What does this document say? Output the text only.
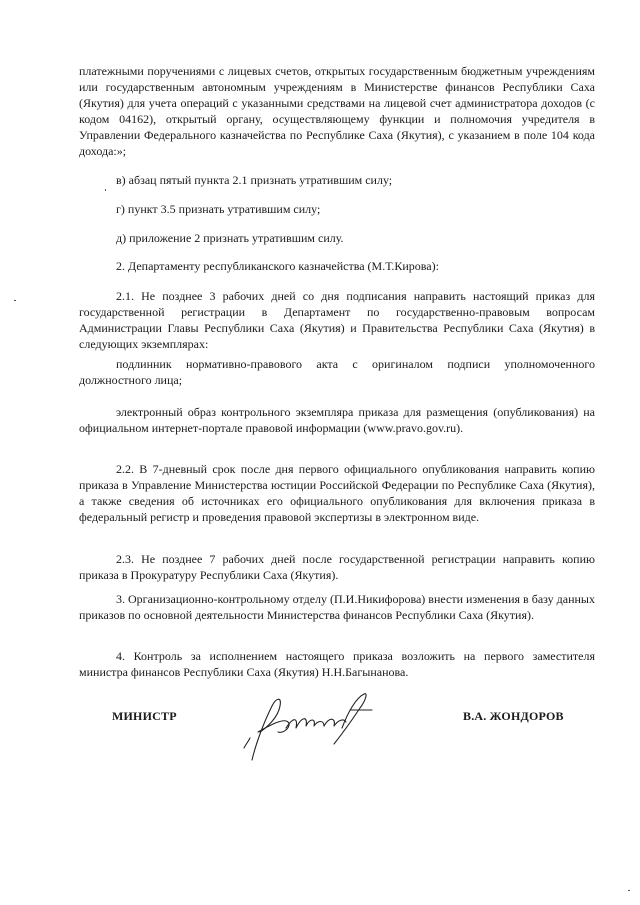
платежными поручениями с лицевых счетов, открытых государственным бюджетным учреждениям или государственным автономным учреждениям в Министерстве финансов Республики Саха (Якутия) для учета операций с указанными средствами на лицевой счет администратора доходов (с кодом 04162), открытый органу, осуществляющему функции и полномочия учредителя в Управлении Федерального казначейства по Республике Саха (Якутия), с указанием в поле 104 кода дохода:»;

в) абзац пятый пункта 2.1 признать утратившим силу;

г) пункт 3.5 признать утратившим силу;

д) приложение 2 признать утратившим силу.

2. Департаменту республиканского казначейства (М.Т.Кирова):

2.1. Не позднее 3 рабочих дней со дня подписания направить настоящий приказ для государственной регистрации в Департамент по государственно-правовым вопросам Администрации Главы Республики Саха (Якутия) и Правительства Республики Саха (Якутия) в следующих экземплярах:

подлинник нормативно-правового акта с оригиналом подписи уполномоченного должностного лица;

электронный образ контрольного экземпляра приказа для размещения (опубликования) на официальном интернет-портале правовой информации (www.pravo.gov.ru).

2.2. В 7-дневный срок после дня первого официального опубликования направить копию приказа в Управление Министерства юстиции Российской Федерации по Республике Саха (Якутия), а также сведения об источниках его официального опубликования для включения приказа в федеральный регистр и проведения правовой экспертизы в электронном виде.

2.3. Не позднее 7 рабочих дней после государственной регистрации направить копию приказа в Прокуратуру Республики Саха (Якутия).

3. Организационно-контрольному отделу (П.И.Никифорова) внести изменения в базу данных приказов по основной деятельности Министерства финансов Республики Саха (Якутия).

4. Контроль за исполнением настоящего приказа возложить на первого заместителя министра финансов Республики Саха (Якутия) Н.Н.Багынанова.

МИНИСТР	В.А. ЖОНДОРОВ
